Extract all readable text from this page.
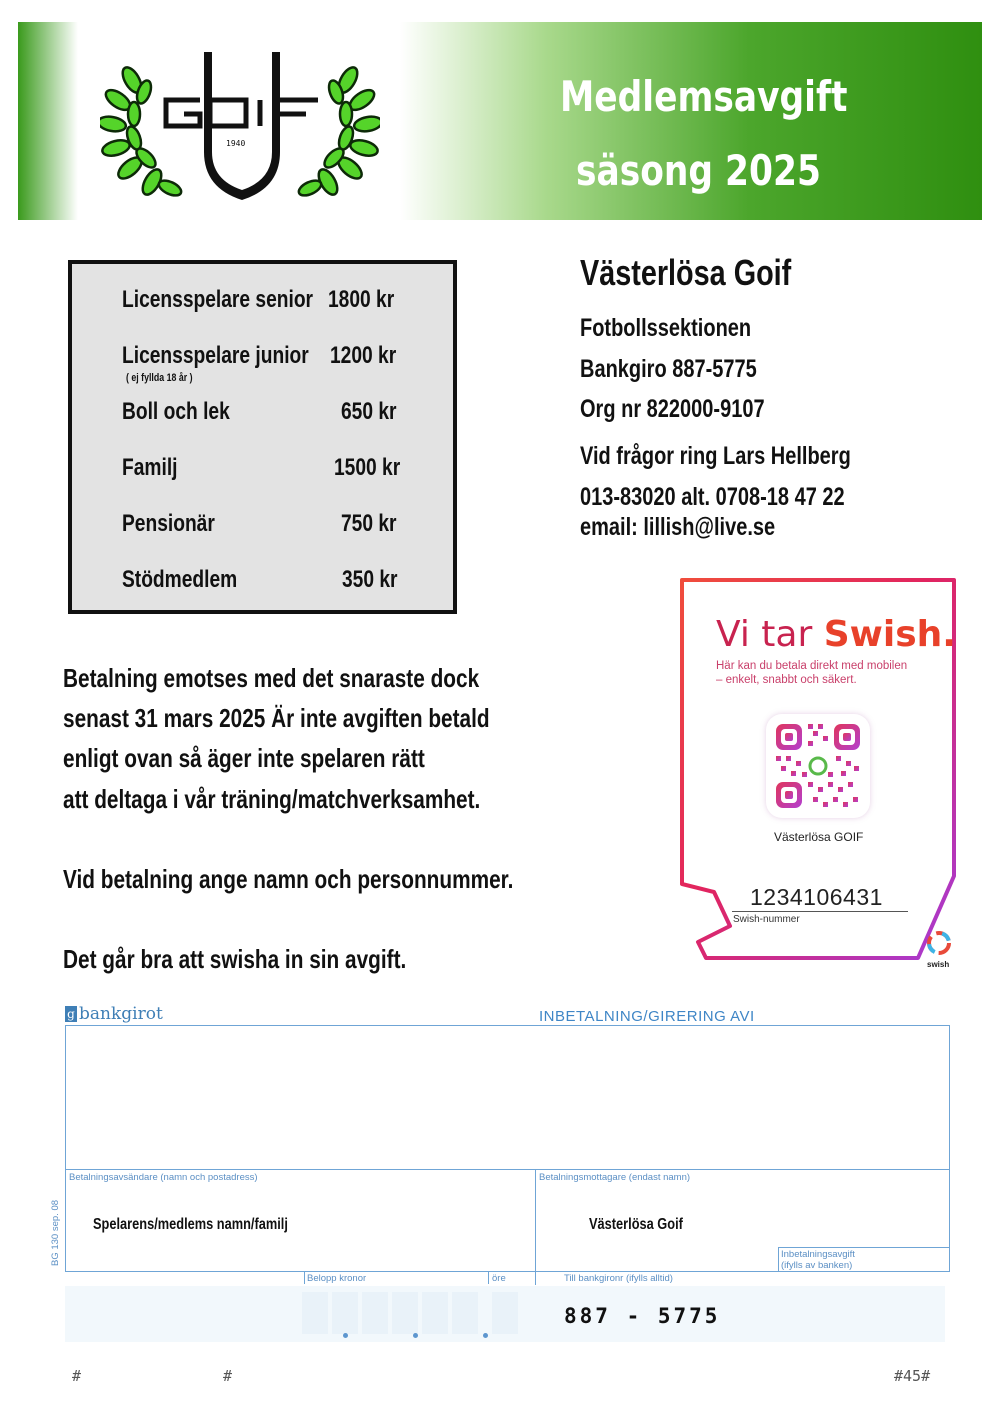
Medlemsavgift
säsong 2025
1940
Licensspelare senior 1800 kr
Licensspelare junior 1200 kr
( ej fyllda 18 år )
Boll och lek	650 kr
Familj	1500 kr
Pensionär	750 kr
Stödmedlem	350 kr
Västerlösa Goif
Fotbollssektionen
Bankgiro 887-5775
Org nr 822000-9107
Vid frågor ring Lars Hellberg
013-83020 alt. 0708-18 47 22
email: lillish@live.se
Betalning emotses med det snaraste dock
senast 31 mars 2025 Är inte avgiften betald
enligt ovan så äger inte spelaren rätt
att deltaga i vår träning/matchverksamhet.
Vid betalning ange namn och personnummer.
Det går bra att swisha in sin avgift.
Vi tar Swish.
Här kan du betala direkt med mobilen
– enkelt, snabbt och säkert.
Västerlösa GOIF
1234106431
Swish-nummer
swish
g bankgirot	INBETALNING/GIRERING AVI
Betalningsavsändare (namn och postadress)
Spelarens/medlems namn/familj
Betalningsmottagare (endast namn)
Västerlösa Goif
Inbetalningsavgift
(ifylls av banken)
BG 130 sep. 08
Belopp kronor	öre	Till bankgironr (ifylls alltid)
887 - 5775
#	#	#45#
